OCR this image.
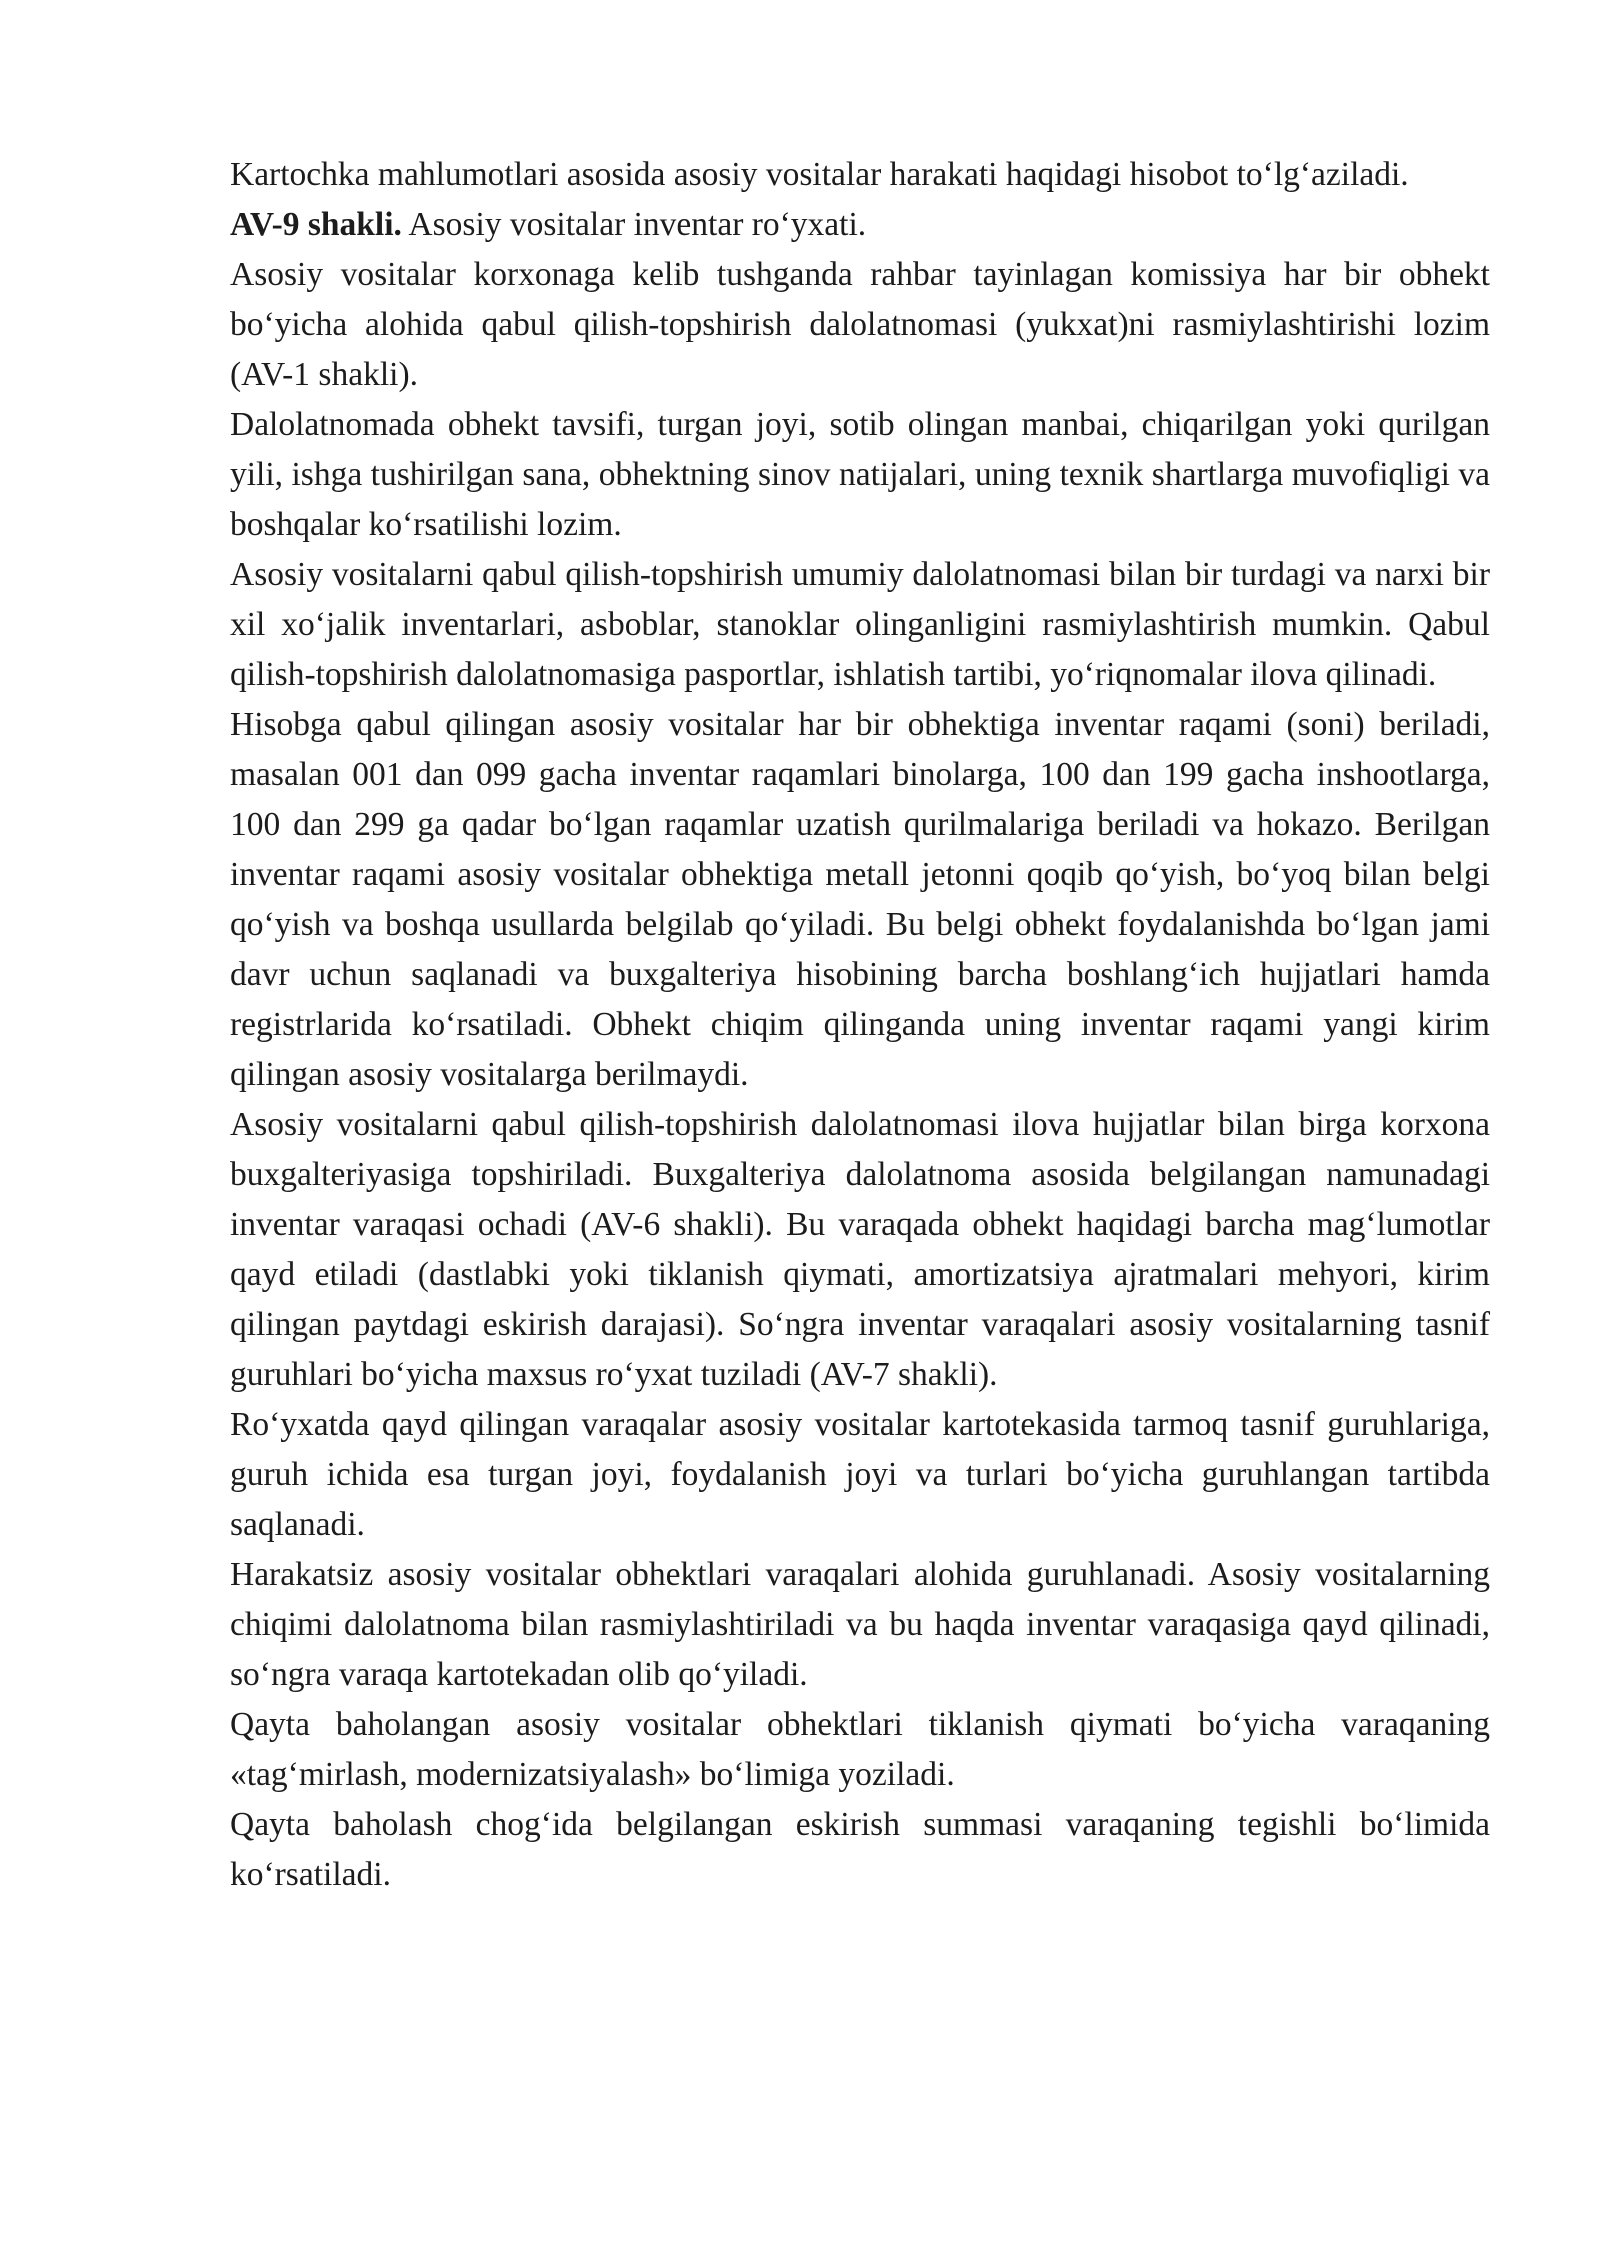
Kartochka mahlumotlari asosida asosiy vositalar harakati haqidagi hisobot to‘lg‘aziladi.

AV-9 shakli. Asosiy vositalar inventar ro‘yxati.

Asosiy vositalar korxonaga kelib tushganda rahbar tayinlagan komissiya har bir obhekt bo‘yicha alohida qabul qilish-topshirish dalolatnomasi (yukxat)ni rasmiylashtirishi lozim (AV-1 shakli).

Dalolatnomada obhekt tavsifi, turgan joyi, sotib olingan manbai, chiqarilgan yoki qurilgan yili, ishga tushirilgan sana, obhektning sinov natijalari, uning texnik shartlarga muvofiqligi va boshqalar ko‘rsatilishi lozim.

Asosiy vositalarni qabul qilish-topshirish umumiy dalolatnomasi bilan bir turdagi va narxi bir xil xo‘jalik inventarlari, asboblar, stanoklar olinganligini rasmiylashtirish mumkin. Qabul qilish-topshirish dalolatnomasiga pasportlar, ishlatish tartibi, yo‘riqnomalar ilova qilinadi.

Hisobga qabul qilingan asosiy vositalar har bir obhektiga inventar raqami (soni) beriladi, masalan 001 dan 099 gacha inventar raqamlari binolarga, 100 dan 199 gacha inshootlarga, 100 dan 299 ga qadar bo‘lgan raqamlar uzatish qurilmalariga beriladi va hokazo. Berilgan inventar raqami asosiy vositalar obhektiga metall jetonni qoqib qo‘yish, bo‘yoq bilan belgi qo‘yish va boshqa usullarda belgilab qo‘yiladi. Bu belgi obhekt foydalanishda bo‘lgan jami davr uchun saqlanadi va buxgalteriya hisobining barcha boshlang‘ich hujjatlari hamda registrlarida ko‘rsatiladi. Obhekt chiqim qilinganda uning inventar raqami yangi kirim qilingan asosiy vositalarga berilmaydi.

Asosiy vositalarni qabul qilish-topshirish dalolatnomasi ilova hujjatlar bilan birga korxona buxgalteriyasiga topshiriladi. Buxgalteriya dalolatnoma asosida belgilangan namunadagi inventar varaqasi ochadi (AV-6 shakli). Bu varaqada obhekt haqidagi barcha mag‘lumotlar qayd etiladi (dastlabki yoki tiklanish qiymati, amortizatsiya ajratmalari mehyori, kirim qilingan paytdagi eskirish darajasi). So‘ngra inventar varaqalari asosiy vositalarning tasnif guruhlari bo‘yicha maxsus ro‘yxat tuziladi (AV-7 shakli).

Ro‘yxatda qayd qilingan varaqalar asosiy vositalar kartotekasida tarmoq tasnif guruhlariga, guruh ichida esa turgan joyi, foydalanish joyi va turlari bo‘yicha guruhlangan tartibda saqlanadi.

Harakatsiz asosiy vositalar obhektlari varaqalari alohida guruhlanadi. Asosiy vositalarning chiqimi dalolatnoma bilan rasmiylashtiriladi va bu haqda inventar varaqasiga qayd qilinadi, so‘ngra varaqa kartotekadan olib qo‘yiladi.

Qayta baholangan asosiy vositalar obhektlari tiklanish qiymati bo‘yicha varaqaning «tag‘mirlash, modernizatsiyalash» bo‘limiga yoziladi.

Qayta baholash chog‘ida belgilangan eskirish summasi varaqaning tegishli bo‘limida ko‘rsatiladi.
